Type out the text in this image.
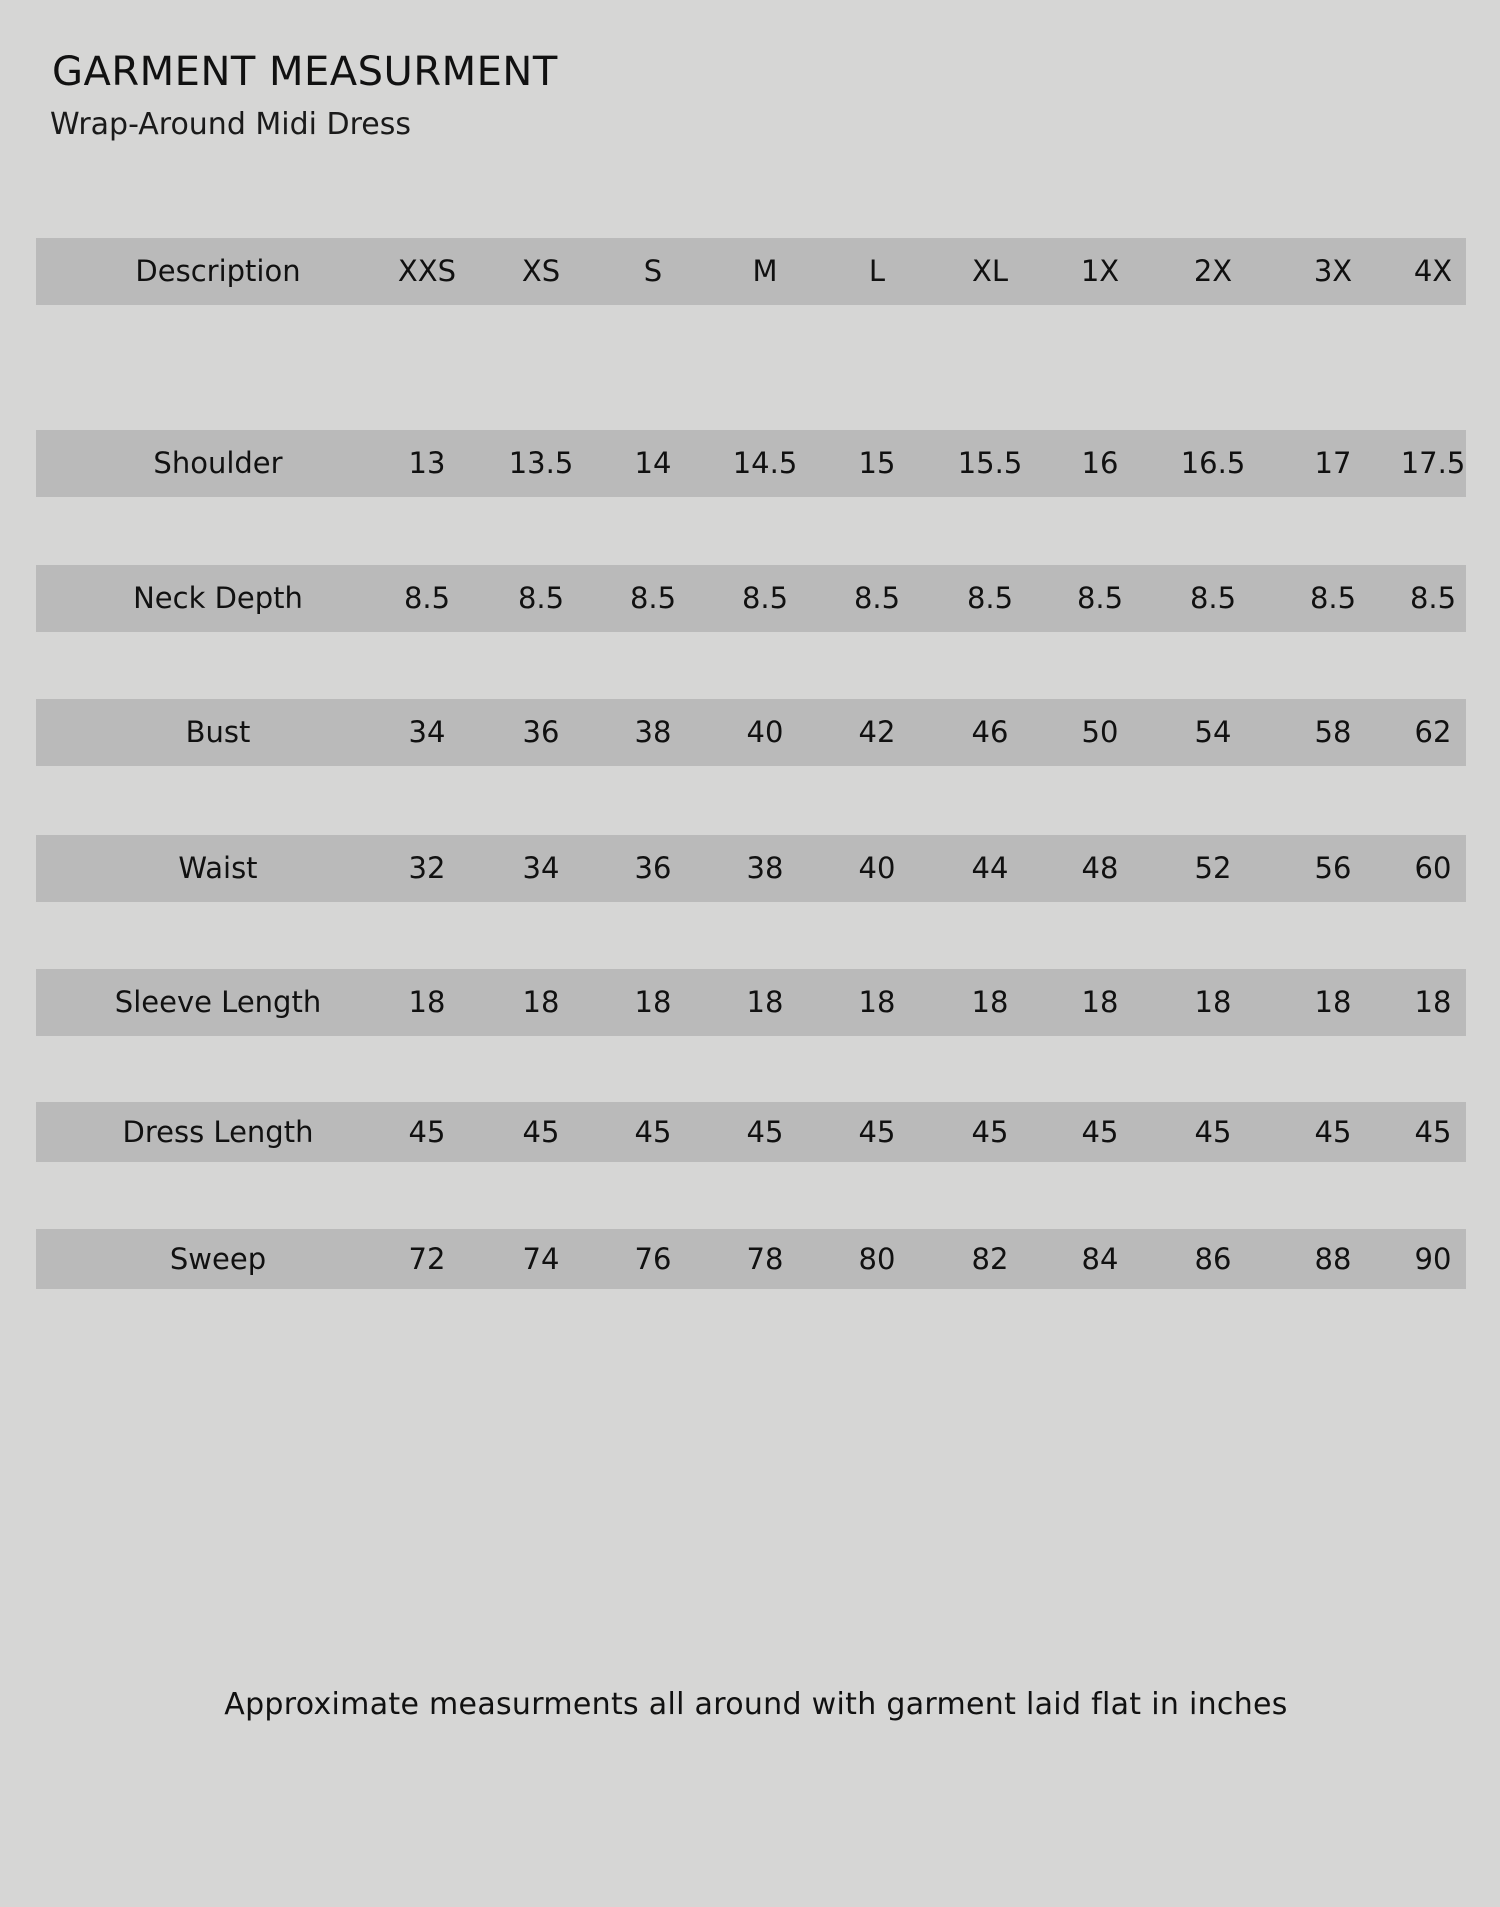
GARMENT MEASURMENT
Wrap-Around Midi Dress
Description	XXS XS	S	M	L	XL	1X	2X	3X 4X
Shoulder	13 13.5 14 14.5 15 15.5 16 16.5 17 17.5
Neck Depth	8.5 8.5 8.5 8.5 8.5 8.5 8.5 8.5	8.5 8.5
Bust	34	36	38	40	42	46	50	54	58 62
Waist	32	34	36	38	40	44	48	52	56 60
Sleeve Length	18	18	18	18	18	18	18	18	18 18
Dress Length	45	45	45	45	45	45	45	45	45 45
Sweep	72	74	76	78	80	82	84	86	88 90
Approximate measurments all around with garment laid flat in inches
